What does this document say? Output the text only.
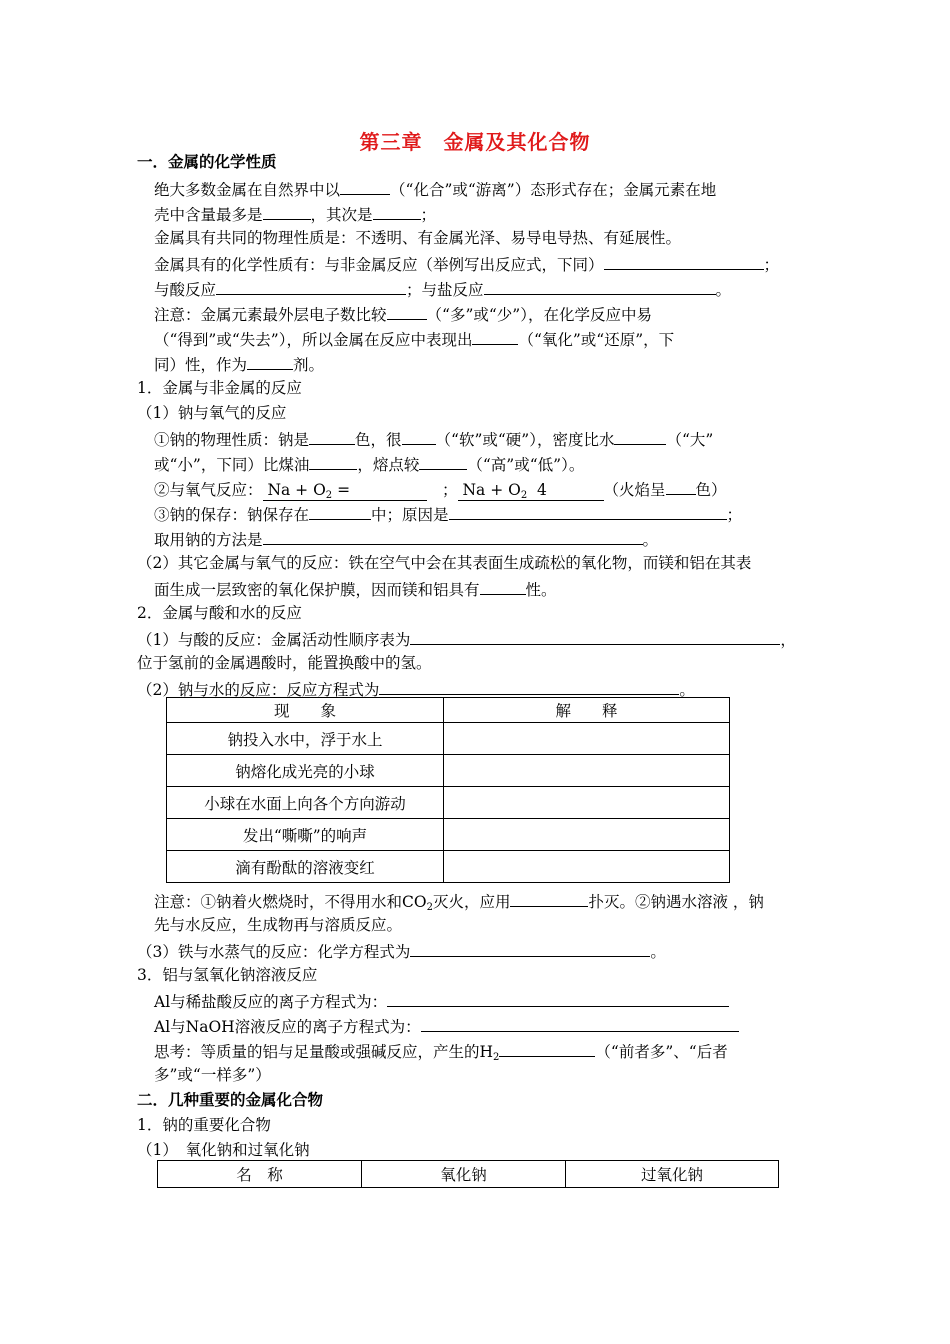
第三章　金属及其化合物
一．金属的化学性质
绝大多数金属在自然界中以	（“化合”或“游离”）态形式存在；金属元素在地
壳中含量最多是	，其次是	；
金属具有共同的物理性质是：不透明、有金属光泽、易导电导热、有延展性。
金属具有的化学性质有：与非金属反应（举例写出反应式，下同）	；
与酸反应	；与盐反应	。
注意：金属元素最外层电子数比较	（“多”或“少”），在化学反应中易
（“得到”或“失去”），所以金属在反应中表现出	（“氧化”或“还原”，下
同）性，作为	剂。
1．金属与非金属的反应
（1）钠与氧气的反应
①钠的物理性质：钠是	色，很 （“软”或“硬”），密度比水	（“大”
或“小”，下同）比煤油	，熔点较	（“高”或“低”）。
②与氧气反应： $Na + O_2$ =	　； $Na + O_2$  4	（火焰呈 色）
③钠的保存：钠保存在	中；原因是	；
取用钠的方法是	。
（2）其它金属与氧气的反应：铁在空气中会在其表面生成疏松的氧化物，而镁和铝在其表
面生成一层致密的氧化保护膜，因而镁和铝具有	性。
2．金属与酸和水的反应
（1）与酸的反应：金属活动性顺序表为	，
位于氢前的金属遇酸时，能置换酸中的氢。
（2）钠与水的反应：反应方程式为	。
现　　象	解　　释
钠投入水中，浮于水上	
钠熔化成光亮的小球	
小球在水面上向各个方向游动	
发出“嘶嘶”的响声	
滴有酚酞的溶液变红	
注意：①钠着火燃烧时，不得用水和$CO_2$灭火，应用	扑灭。②钠遇水溶液 ，钠
先与水反应，生成物再与溶质反应。
（3）铁与水蒸气的反应：化学方程式为	。
3．铝与氢氧化钠溶液反应
Al与稀盐酸反应的离子方程式为：
Al与NaOH溶液反应的离子方程式为：
思考：等质量的铝与足量酸或强碱反应，产生的$H_2$	（“前者多”、“后者
多”或“一样多”）
二．几种重要的金属化合物
1．钠的重要化合物
（1）　氧化钠和过氧化钠
名　称	氧化钠	过氧化钠
